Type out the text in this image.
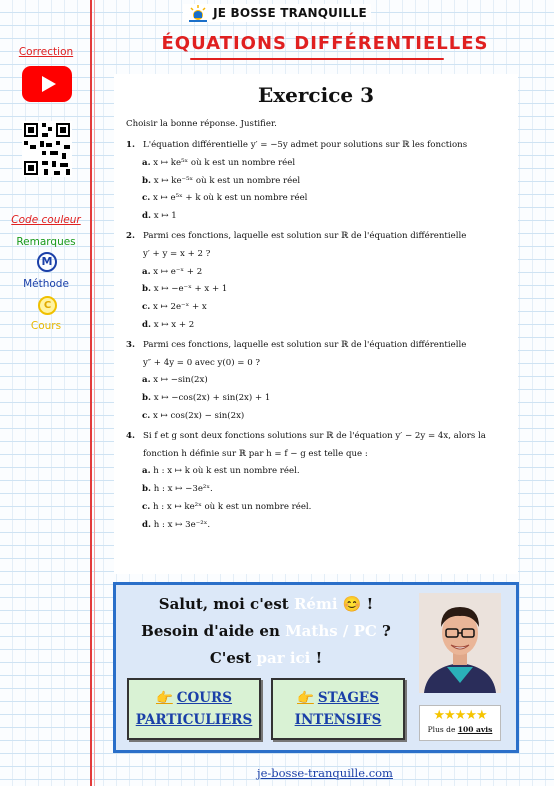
JE BOSSE TRANQUILLE
ÉQUATIONS DIFFÉRENTIELLES
Correction
Code couleur
Remarques
M
Méthode
C
Cours
Exercice 3
Choisir la bonne réponse. Justifier.
1. L'équation différentielle y′ = −5y admet pour solutions sur ℝ les fonctions
a. x ↦ ke⁵ˣ où k est un nombre réel
b. x ↦ ke⁻⁵ˣ où k est un nombre réel
c. x ↦ e⁵ˣ + k où k est un nombre réel
d. x ↦ 1
2. Parmi ces fonctions, laquelle est solution sur ℝ de l'équation différentielle
y′ + y = x + 2 ?
a. x ↦ e⁻ˣ + 2
b. x ↦ −e⁻ˣ + x + 1
c. x ↦ 2e⁻ˣ + x
d. x ↦ x + 2
3. Parmi ces fonctions, laquelle est solution sur ℝ de l'équation différentielle
y″ + 4y = 0 avec y(0) = 0 ?
a. x ↦ −sin(2x)
b. x ↦ −cos(2x) + sin(2x) + 1
c. x ↦ cos(2x) − sin(2x)
4. Si f et g sont deux fonctions solutions sur ℝ de l'équation y′ − 2y = 4x, alors la
fonction h définie sur ℝ par h = f − g est telle que :
a. h : x ↦ k où k est un nombre réel.
b. h : x ↦ −3e²ˣ.
c. h : x ↦ ke²ˣ où k est un nombre réel.
d. h : x ↦ 3e⁻²ˣ.
Salut, moi c'est Rémi 😊 !
Besoin d'aide en Maths / PC ?
C'est par ici !
👉 COURS
PARTICULIERS
👉 STAGES
INTENSIFS	★★★★★
Plus de 100 avis
je-bosse-tranquille.com
